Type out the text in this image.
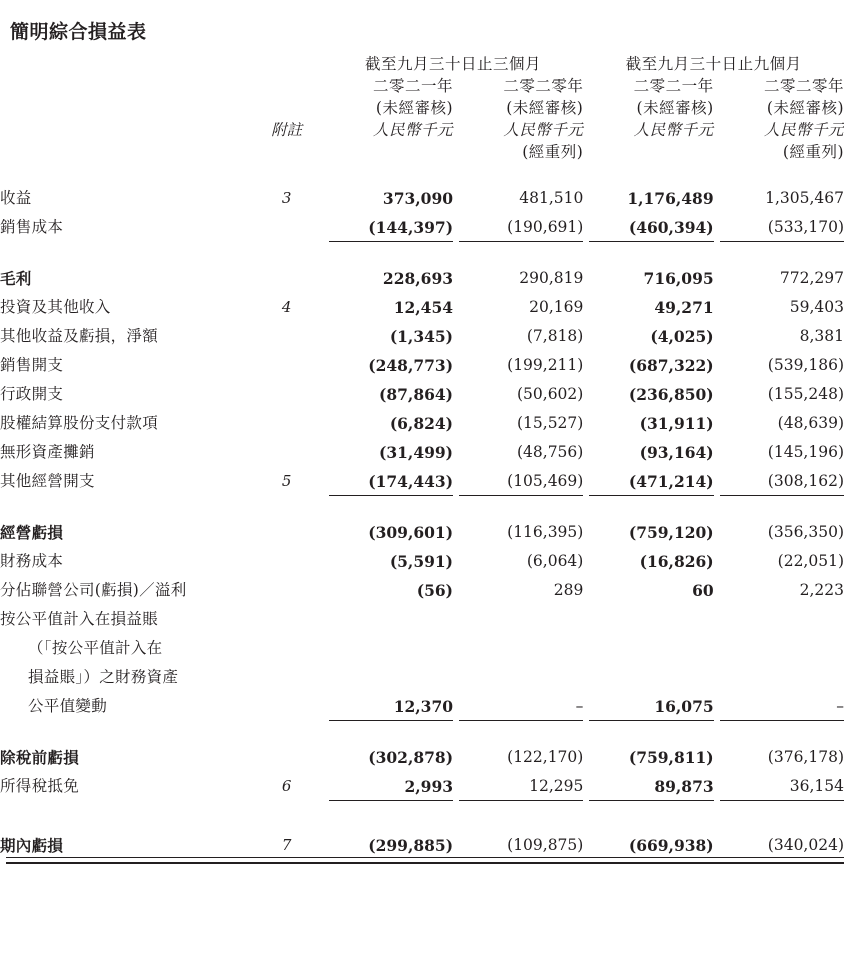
簡明綜合損益表
		截至九月三十日止三個月		截至九月三十日止九個月	
		二零二一年	二零二零年	二零二一年	二零二零年
		(未經審核)	(未經審核)	(未經審核)	(未經審核)
	附註	人民幣千元	人民幣千元	人民幣千元	人民幣千元
			(經重列)		(經重列)

收益	3	373,090	481,510	1,176,489	1,305,467
銷售成本		(144,397)	(190,691)	(460,394)	(533,170)

毛利		228,693	290,819	716,095	772,297
投資及其他收入	4	12,454	20,169	49,271	59,403
其他收益及虧損，淨額		(1,345)	(7,818)	(4,025)	8,381
銷售開支		(248,773)	(199,211)	(687,322)	(539,186)
行政開支		(87,864)	(50,602)	(236,850)	(155,248)
股權結算股份支付款項		(6,824)	(15,527)	(31,911)	(48,639)
無形資產攤銷		(31,499)	(48,756)	(93,164)	(145,196)
其他經營開支	5	(174,443)	(105,469)	(471,214)	(308,162)

經營虧損		(309,601)	(116,395)	(759,120)	(356,350)
財務成本		(5,591)	(6,064)	(16,826)	(22,051)
分佔聯營公司(虧損)／溢利		(56)	289	60	2,223
按公平值計入在損益賬					
（「按公平值計入在					
損益賬」）之財務資產					
公平值變動		12,370	–	16,075	–

除稅前虧損		(302,878)	(122,170)	(759,811)	(376,178)
所得稅抵免	6	2,993	12,295	89,873	36,154

期內虧損	7	(299,885)	(109,875)	(669,938)	(340,024)
